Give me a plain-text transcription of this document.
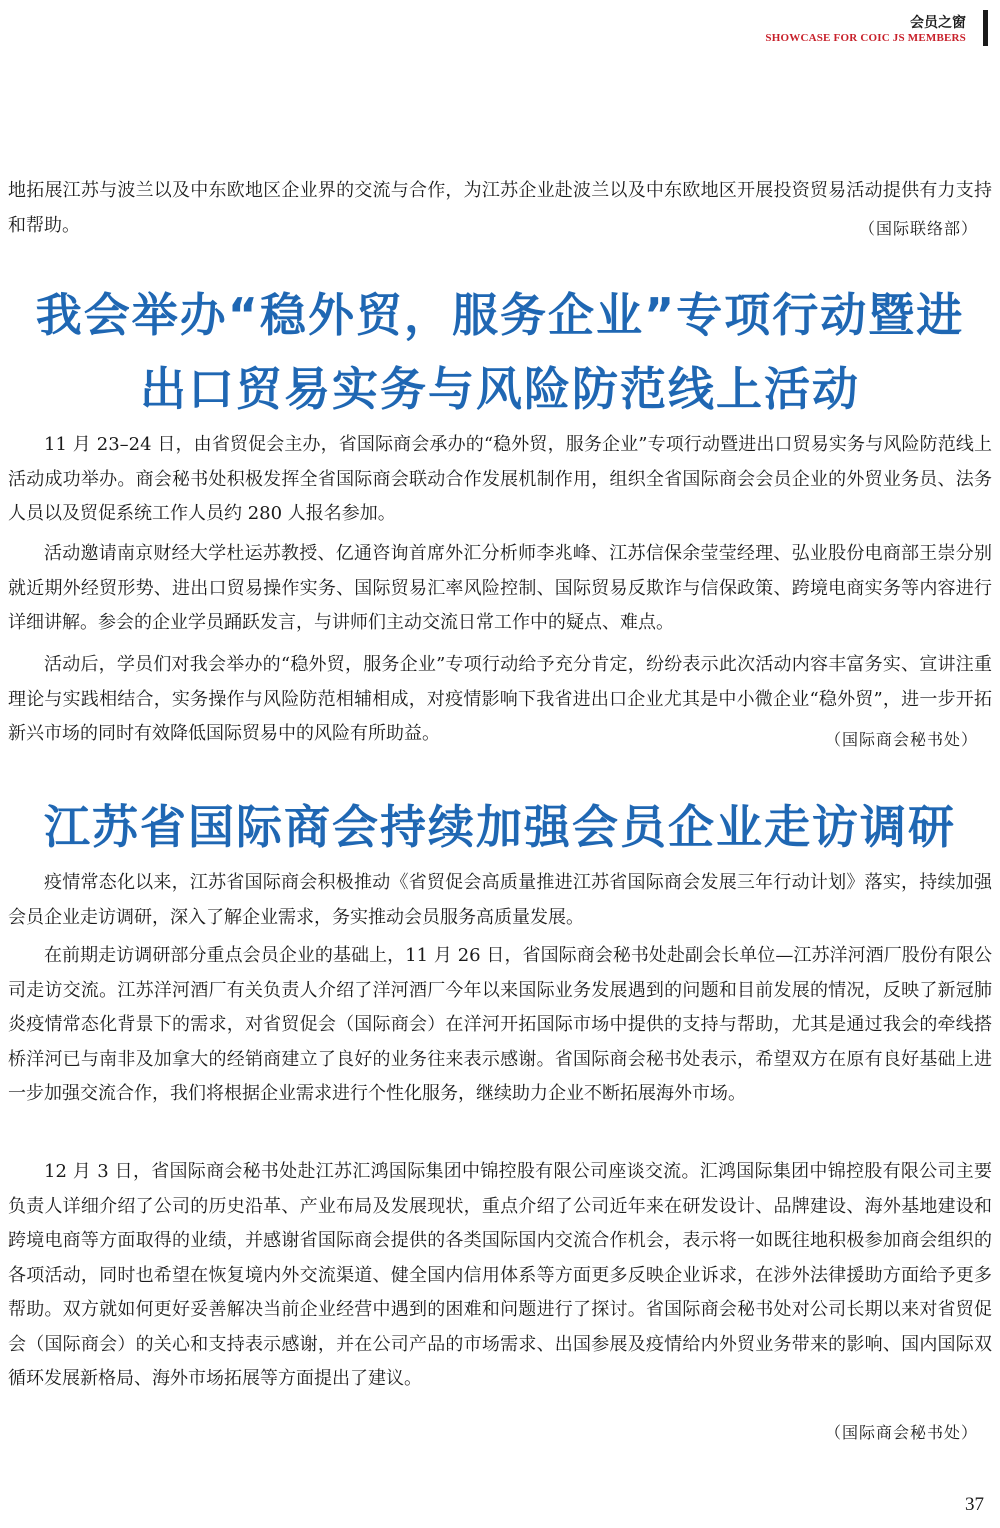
会员之窗
SHOWCASE FOR COIC JS MEMBERS

地拓展江苏与波兰以及中东欧地区企业界的交流与合作，为江苏企业赴波兰以及中东欧地区开展投资贸易活动提供有力支持和帮助。	（国际联络部）
我会举办“稳外贸，服务企业”专项行动暨进
出口贸易实务与风险防范线上活动

11 月 23–24 日，由省贸促会主办，省国际商会承办的“稳外贸，服务企业”专项行动暨进出口贸易实务与风险防范线上活动成功举办。商会秘书处积极发挥全省国际商会联动合作发展机制作用，组织全省国际商会会员企业的外贸业务员、法务人员以及贸促系统工作人员约 280 人报名参加。

活动邀请南京财经大学杜运苏教授、亿通咨询首席外汇分析师李兆峰、江苏信保余莹莹经理、弘业股份电商部王崇分别就近期外经贸形势、进出口贸易操作实务、国际贸易汇率风险控制、国际贸易反欺诈与信保政策、跨境电商实务等内容进行详细讲解。参会的企业学员踊跃发言，与讲师们主动交流日常工作中的疑点、难点。

活动后，学员们对我会举办的“稳外贸，服务企业”专项行动给予充分肯定，纷纷表示此次活动内容丰富务实、宣讲注重理论与实践相结合，实务操作与风险防范相辅相成，对疫情影响下我省进出口企业尤其是中小微企业“稳外贸”，进一步开拓新兴市场的同时有效降低国际贸易中的风险有所助益。	（国际商会秘书处）
江苏省国际商会持续加强会员企业走访调研

疫情常态化以来，江苏省国际商会积极推动《省贸促会高质量推进江苏省国际商会发展三年行动计划》落实，持续加强会员企业走访调研，深入了解企业需求，务实推动会员服务高质量发展。

在前期走访调研部分重点会员企业的基础上，11 月 26 日，省国际商会秘书处赴副会长单位—江苏洋河酒厂股份有限公司走访交流。江苏洋河酒厂有关负责人介绍了洋河酒厂今年以来国际业务发展遇到的问题和目前发展的情况，反映了新冠肺炎疫情常态化背景下的需求，对省贸促会（国际商会）在洋河开拓国际市场中提供的支持与帮助，尤其是通过我会的牵线搭桥洋河已与南非及加拿大的经销商建立了良好的业务往来表示感谢。省国际商会秘书处表示，希望双方在原有良好基础上进一步加强交流合作，我们将根据企业需求进行个性化服务，继续助力企业不断拓展海外市场。

12 月 3 日，省国际商会秘书处赴江苏汇鸿国际集团中锦控股有限公司座谈交流。汇鸿国际集团中锦控股有限公司主要负责人详细介绍了公司的历史沿革、产业布局及发展现状，重点介绍了公司近年来在研发设计、品牌建设、海外基地建设和跨境电商等方面取得的业绩，并感谢省国际商会提供的各类国际国内交流合作机会，表示将一如既往地积极参加商会组织的各项活动，同时也希望在恢复境内外交流渠道、健全国内信用体系等方面更多反映企业诉求，在涉外法律援助方面给予更多帮助。双方就如何更好妥善解决当前企业经营中遇到的困难和问题进行了探讨。省国际商会秘书处对公司长期以来对省贸促会（国际商会）的关心和支持表示感谢，并在公司产品的市场需求、出国参展及疫情给内外贸业务带来的影响、国内国际双循环发展新格局、海外市场拓展等方面提出了建议。

（国际商会秘书处）
37
